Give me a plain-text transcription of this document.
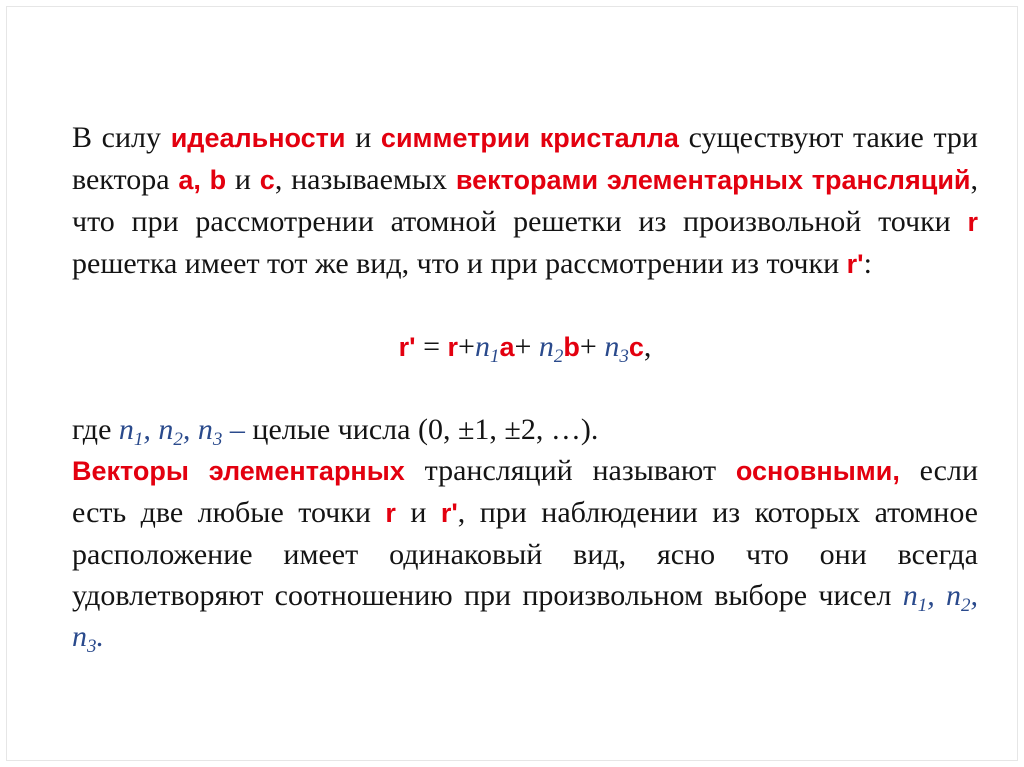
В силу идеальности и симметрии кристалла существуют такие три вектора a, b и c, называемых векторами элементарных трансляций, что при рассмотрении атомной решетки из произвольной точки r решетка имеет тот же вид, что и при рассмотрении из точки r':

$r' = r+n_1a+ n_2b+ n_3c$,

где $n_1$, $n_2$, $n_3$ – целые числа (0, ±1, ±2, …).

Векторы элементарных трансляций называют основными, если есть две любые точки r и r', при наблюдении из которых атомное расположение имеет одинаковый вид, ясно что они всегда удовлетворяют соотношению при произвольном выборе чисел $n_1$, $n_2$, $n_3$.
